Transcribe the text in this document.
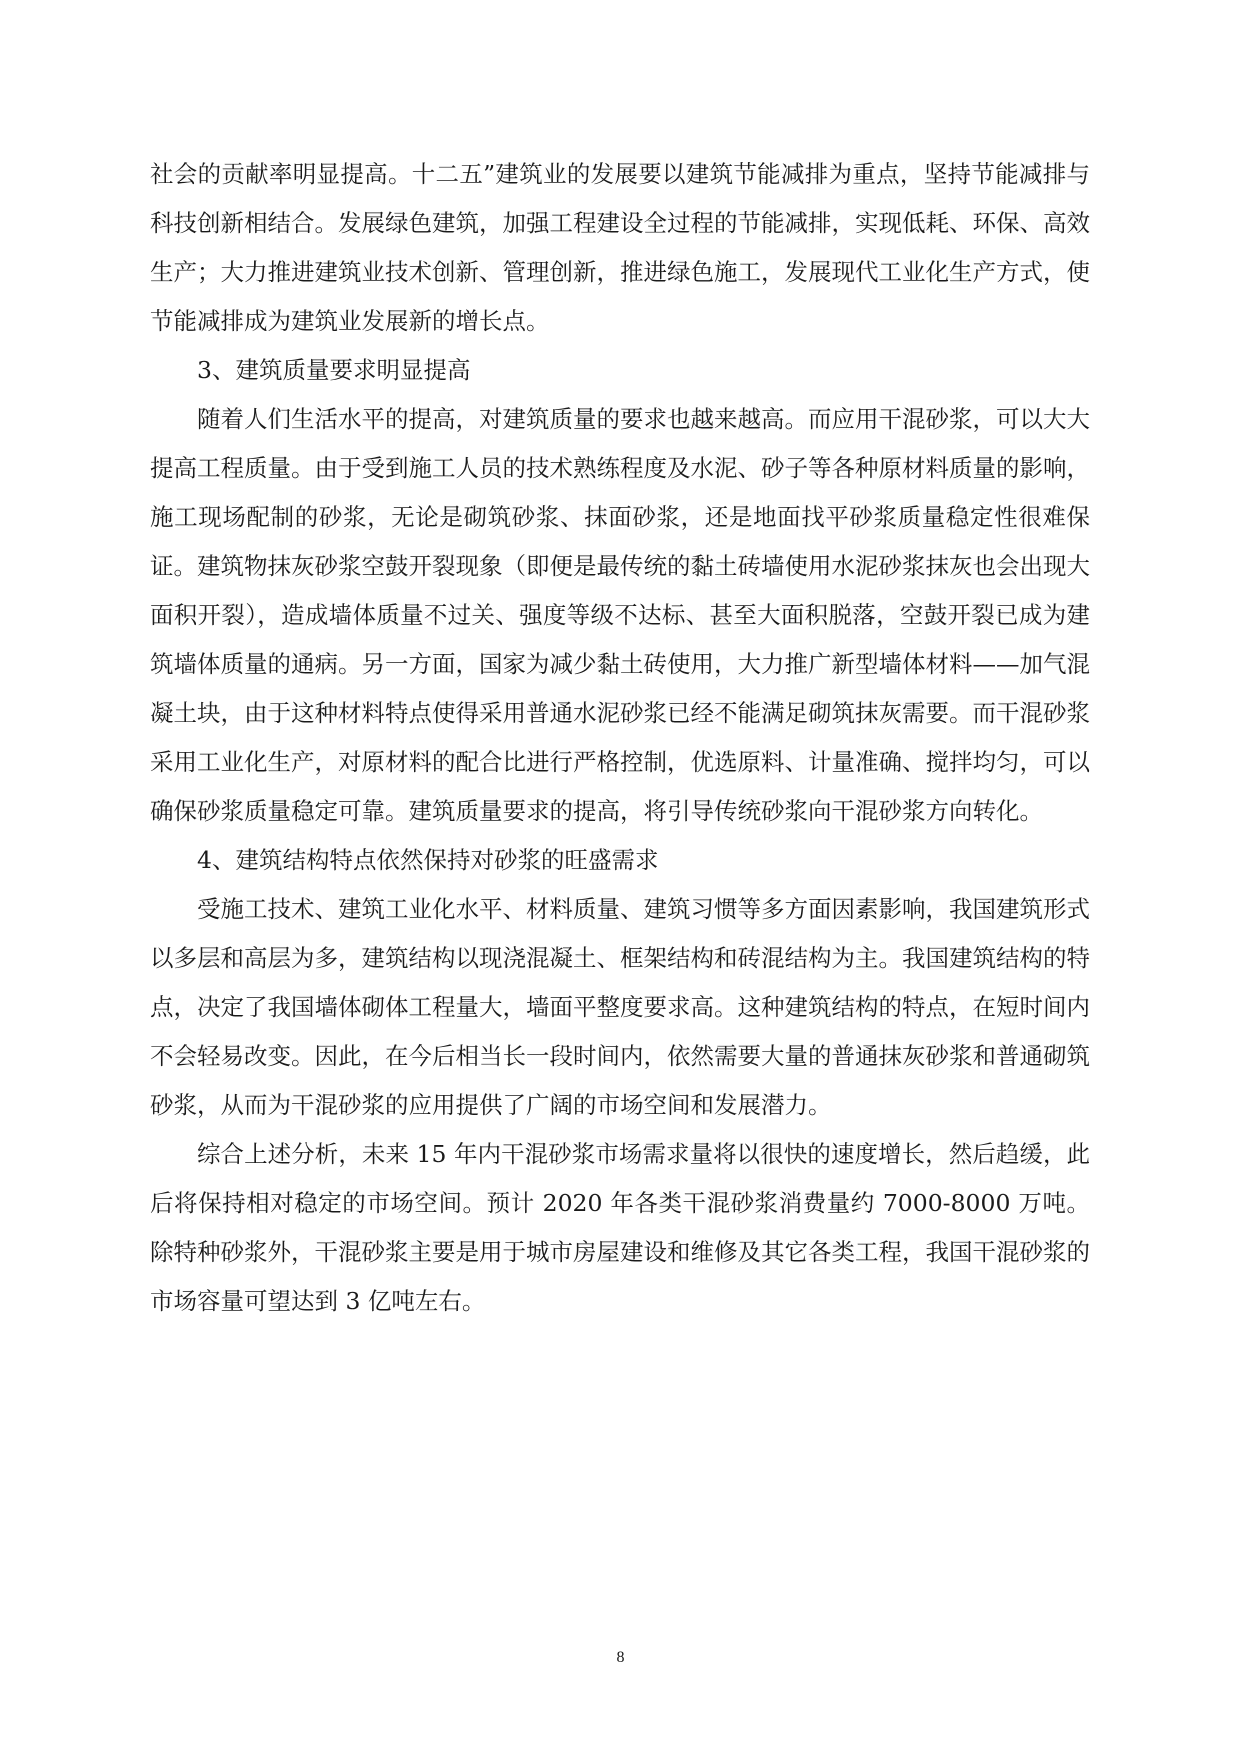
社会的贡献率明显提高。十二五”建筑业的发展要以建筑节能减排为重点，坚持节能减排与科技创新相结合。发展绿色建筑，加强工程建设全过程的节能减排，实现低耗、环保、高效生产；大力推进建筑业技术创新、管理创新，推进绿色施工，发展现代工业化生产方式，使节能减排成为建筑业发展新的增长点。

3、建筑质量要求明显提高

随着人们生活水平的提高，对建筑质量的要求也越来越高。而应用干混砂浆，可以大大提高工程质量。由于受到施工人员的技术熟练程度及水泥、砂子等各种原材料质量的影响，施工现场配制的砂浆，无论是砌筑砂浆、抹面砂浆，还是地面找平砂浆质量稳定性很难保证。建筑物抹灰砂浆空鼓开裂现象（即便是最传统的黏土砖墙使用水泥砂浆抹灰也会出现大面积开裂），造成墙体质量不过关、强度等级不达标、甚至大面积脱落，空鼓开裂已成为建筑墙体质量的通病。另一方面，国家为减少黏土砖使用，大力推广新型墙体材料——加气混凝土块，由于这种材料特点使得采用普通水泥砂浆已经不能满足砌筑抹灰需要。而干混砂浆采用工业化生产，对原材料的配合比进行严格控制，优选原料、计量准确、搅拌均匀，可以确保砂浆质量稳定可靠。建筑质量要求的提高，将引导传统砂浆向干混砂浆方向转化。

4、建筑结构特点依然保持对砂浆的旺盛需求

受施工技术、建筑工业化水平、材料质量、建筑习惯等多方面因素影响，我国建筑形式以多层和高层为多，建筑结构以现浇混凝土、框架结构和砖混结构为主。我国建筑结构的特点，决定了我国墙体砌体工程量大，墙面平整度要求高。这种建筑结构的特点，在短时间内不会轻易改变。因此，在今后相当长一段时间内，依然需要大量的普通抹灰砂浆和普通砌筑砂浆，从而为干混砂浆的应用提供了广阔的市场空间和发展潜力。

综合上述分析，未来 15 年内干混砂浆市场需求量将以很快的速度增长，然后趋缓，此后将保持相对稳定的市场空间。预计 2020 年各类干混砂浆消费量约 7000-8000 万吨。除特种砂浆外，干混砂浆主要是用于城市房屋建设和维修及其它各类工程，我国干混砂浆的市场容量可望达到 3 亿吨左右。

8
